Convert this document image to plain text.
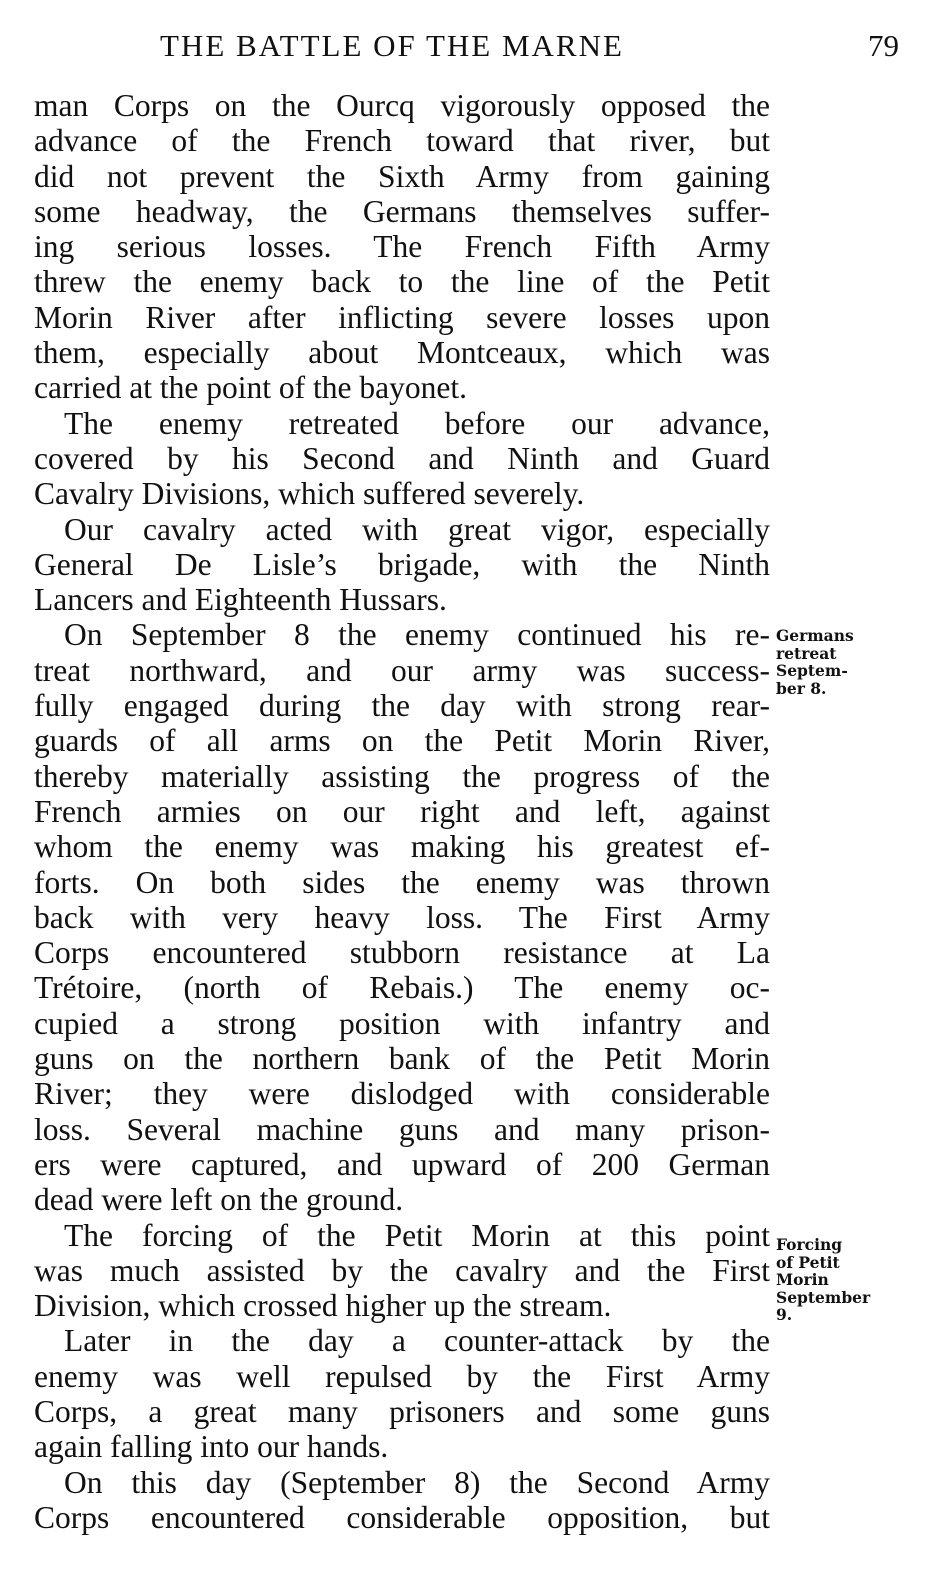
THE BATTLE OF THE MARNE	79
man Corps on the Ourcq vigorously opposed the
advance of the French toward that river, but
did not prevent the Sixth Army from gaining
some headway, the Germans themselves suffer-
ing serious losses. The French Fifth Army
threw the enemy back to the line of the Petit
Morin River after inflicting severe losses upon
them, especially about Montceaux, which was
carried at the point of the bayonet.
The enemy retreated before our advance,
covered by his Second and Ninth and Guard
Cavalry Divisions, which suffered severely.
Our cavalry acted with great vigor, especially
General De Lisle’s brigade, with the Ninth
Lancers and Eighteenth Hussars.
On September 8 the enemy continued his re-
treat northward, and our army was success-
fully engaged during the day with strong rear-
guards of all arms on the Petit Morin River,
thereby materially assisting the progress of the
French armies on our right and left, against
whom the enemy was making his greatest ef-
forts. On both sides the enemy was thrown
back with very heavy loss. The First Army
Corps encountered stubborn resistance at La
Trétoire, (north of Rebais.) The enemy oc-
cupied a strong position with infantry and
guns on the northern bank of the Petit Morin
River; they were dislodged with considerable
loss. Several machine guns and many prison-
ers were captured, and upward of 200 German
dead were left on the ground.
The forcing of the Petit Morin at this point
was much assisted by the cavalry and the First
Division, which crossed higher up the stream.
Later in the day a counter-attack by the
enemy was well repulsed by the First Army
Corps, a great many prisoners and some guns
again falling into our hands.
On this day (September 8) the Second Army
Corps encountered considerable opposition, but
Germans
retreat
Septem-
ber 8.
Forcing
of Petit
Morin
September
9.
